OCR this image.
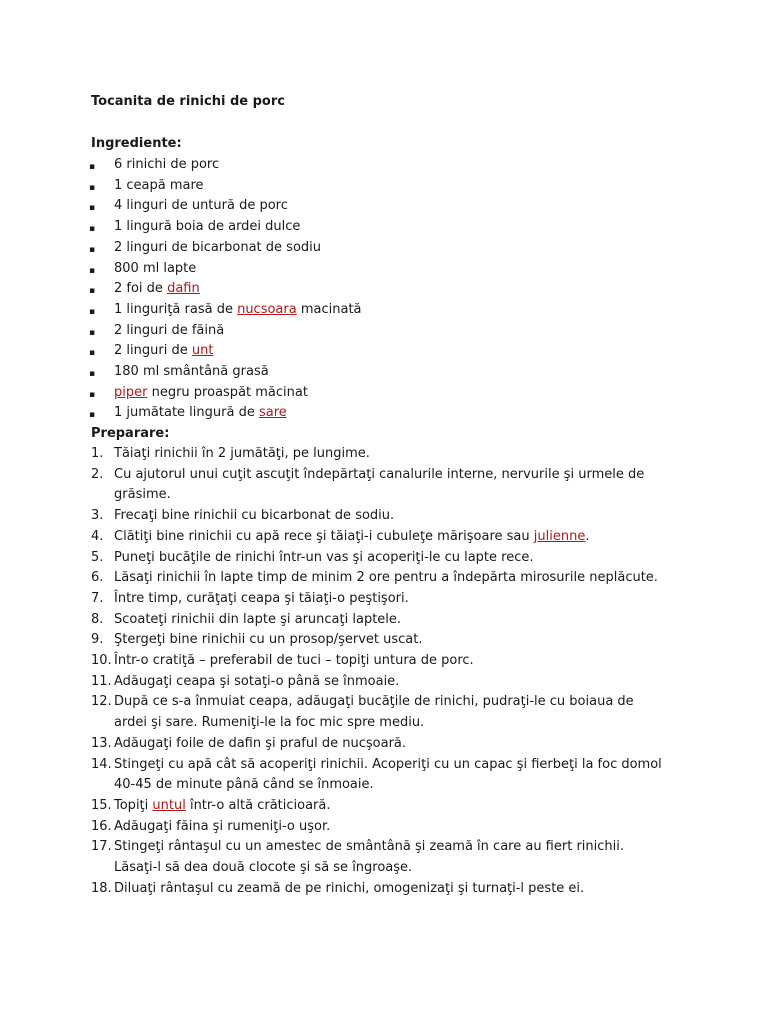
Tocanita de rinichi de porc
Ingrediente:
▪ 6 rinichi de porc
▪ 1 ceapă mare
▪ 4 linguri de untură de porc
▪ 1 lingură boia de ardei dulce
▪ 2 linguri de bicarbonat de sodiu
▪ 800 ml lapte
▪ 2 foi de dafin
▪ 1 linguriţă rasă de nucsoara macinată
▪ 2 linguri de făină
▪ 2 linguri de unt
▪ 180 ml smântână grasă
▪ piper negru proaspăt măcinat
▪ 1 jumătate lingură de sare
Preparare:
1. Tăiaţi rinichii în 2 jumătăţi, pe lungime.
2. Cu ajutorul unui cuţit ascuţit îndepărtaţi canalurile interne, nervurile şi urmele de
grăsime.
3. Frecaţi bine rinichii cu bicarbonat de sodiu.
4. Clătiţi bine rinichii cu apă rece şi tăiaţi-i cubuleţe mărişoare sau julienne.
5. Puneţi bucăţile de rinichi într-un vas şi acoperiţi-le cu lapte rece.
6. Lăsaţi rinichii în lapte timp de minim 2 ore pentru a îndepărta mirosurile neplăcute.
7. Între timp, curăţaţi ceapa şi tăiaţi-o peştişori.
8. Scoateţi rinichii din lapte şi aruncaţi laptele.
9. Ştergeţi bine rinichii cu un prosop/şervet uscat.
10. Într-o cratiţă – preferabil de tuci – topiţi untura de porc.
11. Adăugaţi ceapa şi sotaţi-o până se înmoaie.
12. După ce s-a înmuiat ceapa, adăugaţi bucăţile de rinichi, pudraţi-le cu boiaua de
ardei şi sare. Rumeniţi-le la foc mic spre mediu.
13. Adăugaţi foile de dafin şi praful de nucşoară.
14. Stingeţi cu apă cât să acoperiţi rinichii. Acoperiţi cu un capac şi fierbeţi la foc domol
40-45 de minute până când se înmoaie.
15. Topiţi untul într-o altă crăticioară.
16. Adăugaţi făina şi rumeniţi-o uşor.
17. Stingeţi rântaşul cu un amestec de smântână şi zeamă în care au fiert rinichii.
Lăsaţi-l să dea două clocote şi să se îngroaşe.
18. Diluaţi rântaşul cu zeamă de pe rinichi, omogenizaţi şi turnaţi-l peste ei.
